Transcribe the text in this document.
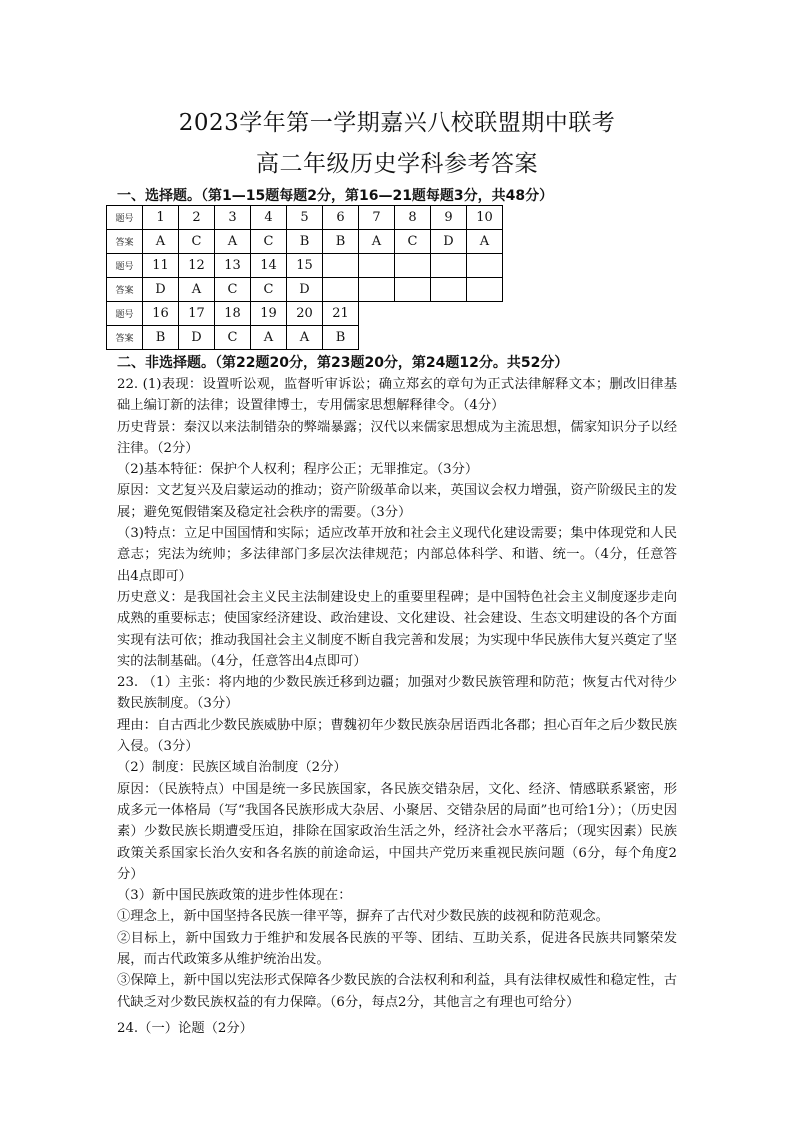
2023学年第一学期嘉兴八校联盟期中联考
高二年级历史学科参考答案
一、选择题。（第1—15题每题2分，第16—21题每题3分，共48分）
题号	1	2	3	4	5	6	7	8	9	10
答案	A	C	A	C	B	B	A	C	D	A
题号	11	12	13	14	15					
答案	D	A	C	C	D					
题号	16	17	18	19	20	21				
答案	B	D	C	A	A	B				
二、非选择题。（第22题20分，第23题20分，第24题12分。共52分）

22. (1)表现：设置听讼观，监督听审诉讼；确立郑玄的章句为正式法律解释文本；删改旧律基础上编订新的法律；设置律博士，专用儒家思想解释律令。（4分）

历史背景：秦汉以来法制错杂的弊端暴露；汉代以来儒家思想成为主流思想，儒家知识分子以经注律。（2分）

（2)基本特征：保护个人权利；程序公正；无罪推定。（3分）

原因：文艺复兴及启蒙运动的推动；资产阶级革命以来，英国议会权力增强，资产阶级民主的发展；避免冤假错案及稳定社会秩序的需要。（3分）

（3)特点：立足中国国情和实际；适应改革开放和社会主义现代化建设需要；集中体现党和人民意志；宪法为统帅；多法律部门多层次法律规范；内部总体科学、和谐、统一。（4分，任意答出4点即可）

历史意义：是我国社会主义民主法制建设史上的重要里程碑；是中国特色社会主义制度逐步走向成熟的重要标志；使国家经济建设、政治建设、文化建设、社会建设、生态文明建设的各个方面实现有法可依；推动我国社会主义制度不断自我完善和发展；为实现中华民族伟大复兴奠定了坚实的法制基础。（4分，任意答出4点即可）

23. （1）主张：将内地的少数民族迁移到边疆；加强对少数民族管理和防范；恢复古代对待少数民族制度。（3分）

理由：自古西北少数民族威胁中原；曹魏初年少数民族杂居语西北各郡；担心百年之后少数民族入侵。（3分）

（2）制度：民族区域自治制度（2分）

原因：（民族特点）中国是统一多民族国家，各民族交错杂居，文化、经济、情感联系紧密，形成多元一体格局（写“我国各民族形成大杂居、小聚居、交错杂居的局面”也可给1分）；（历史因素）少数民族长期遭受压迫，排除在国家政治生活之外，经济社会水平落后；（现实因素）民族政策关系国家长治久安和各名族的前途命运，中国共产党历来重视民族问题（6分，每个角度2分）

（3）新中国民族政策的进步性体现在：

①理念上，新中国坚持各民族一律平等，摒弃了古代对少数民族的歧视和防范观念。

②目标上，新中国致力于维护和发展各民族的平等、团结、互助关系，促进各民族共同繁荣发展，而古代政策多从维护统治出发。

③保障上，新中国以宪法形式保障各少数民族的合法权利和利益，具有法律权威性和稳定性，古代缺乏对少数民族权益的有力保障。（6分，每点2分，其他言之有理也可给分）

24.（一）论题（2分）
